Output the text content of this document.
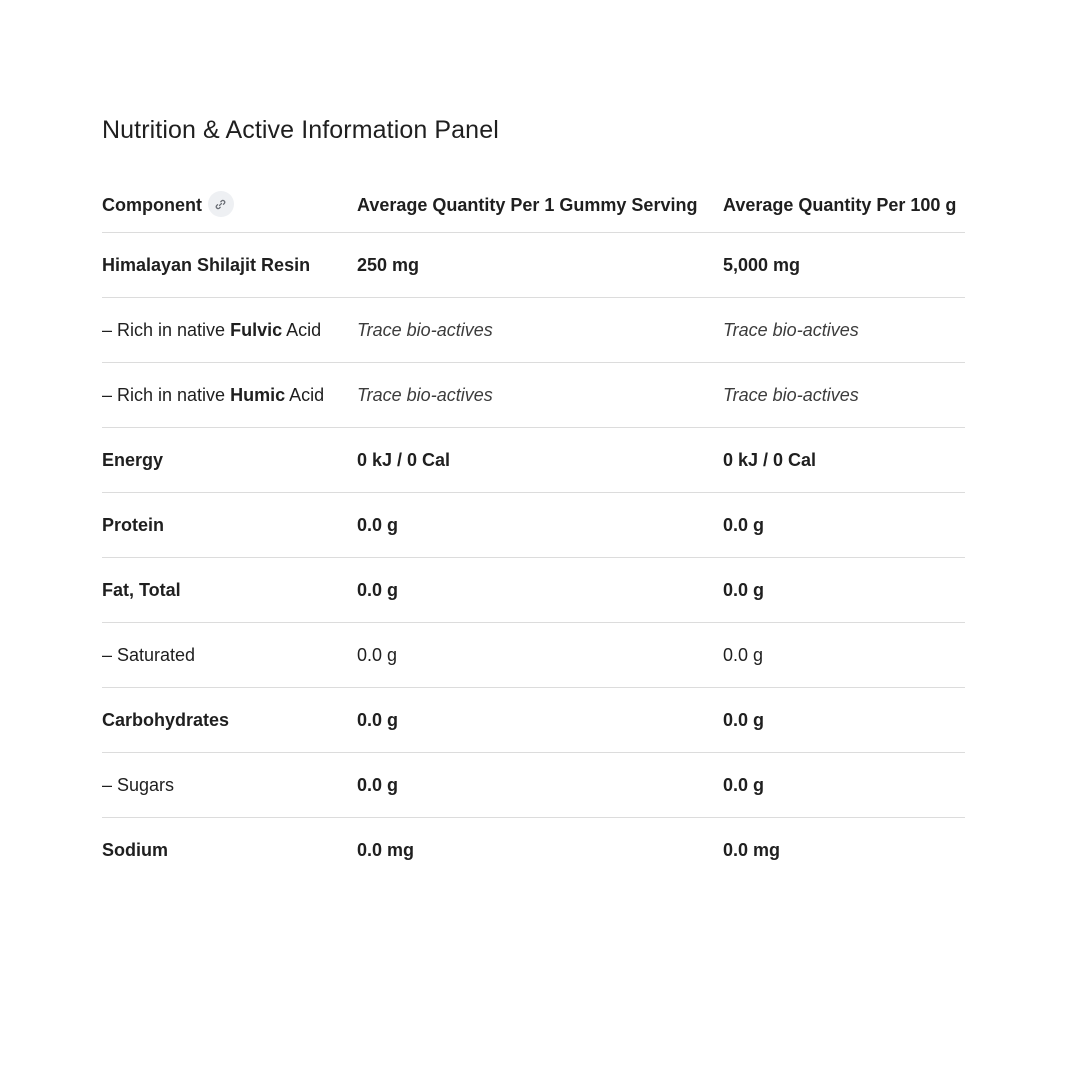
Nutrition & Active Information Panel
Component	Average Quantity Per 1 Gummy Serving	Average Quantity Per 100 g
Himalayan Shilajit Resin	250 mg	5,000 mg
– Rich in native Fulvic Acid	Trace bio-actives	Trace bio-actives
– Rich in native Humic Acid	Trace bio-actives	Trace bio-actives
Energy	0 kJ / 0 Cal	0 kJ / 0 Cal
Protein	0.0 g	0.0 g
Fat, Total	0.0 g	0.0 g
– Saturated	0.0 g	0.0 g
Carbohydrates	0.0 g	0.0 g
– Sugars	0.0 g	0.0 g
Sodium	0.0 mg	0.0 mg
